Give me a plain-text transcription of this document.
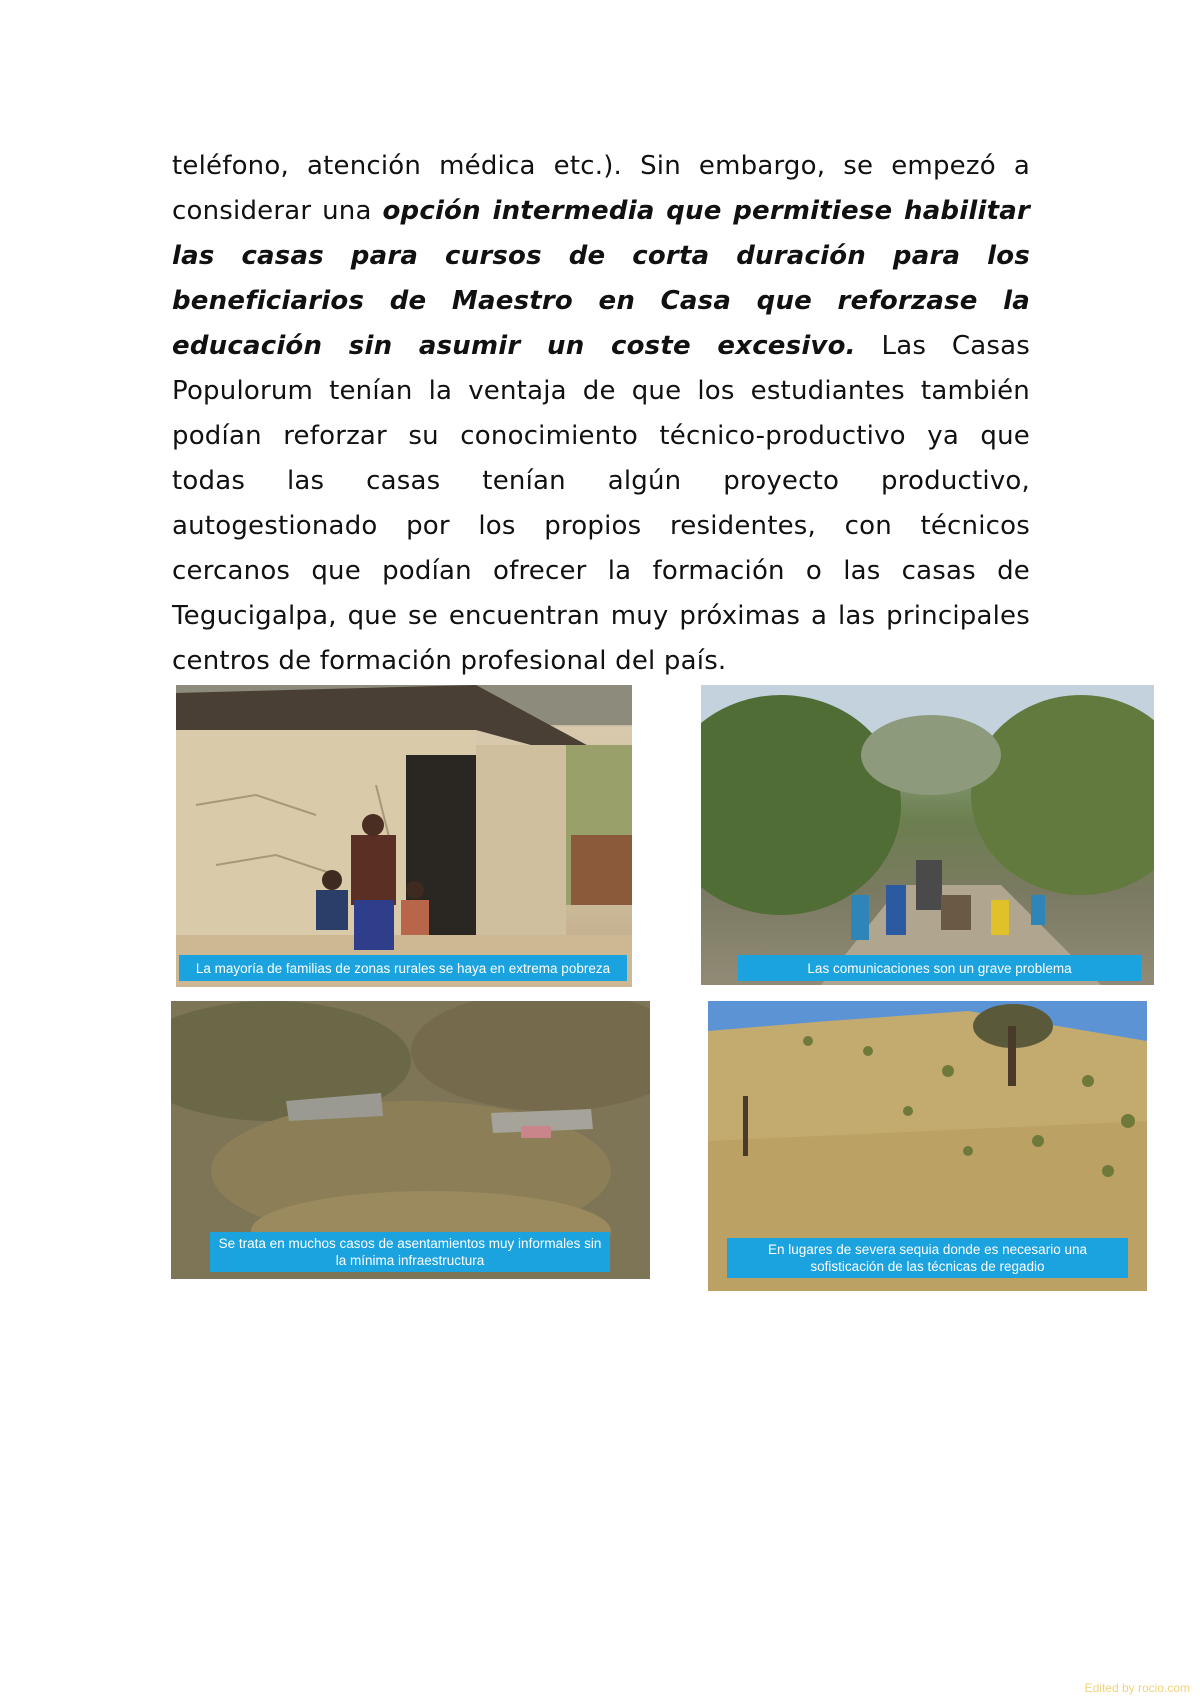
teléfono, atención médica etc.). Sin embargo, se empezó a considerar una opción intermedia que permitiese habilitar las casas para cursos de corta duración para los beneficiarios de Maestro en Casa que reforzase la educación sin asumir un coste excesivo. Las Casas Populorum tenían la ventaja de que los estudiantes también podían reforzar su conocimiento técnico-productivo ya que todas las casas tenían algún proyecto productivo, autogestionado por los propios residentes, con técnicos cercanos que podían ofrecer la formación o las casas de Tegucigalpa, que se encuentran muy próximas a las principales centros de formación profesional del país.
La mayoría de familias de zonas rurales se haya en extrema pobreza	Las comunicaciones son un grave problema
Se trata en muchos casos de asentamientos muy informales sin la mínima infraestructura
En lugares de severa sequia donde es necesario una sofisticación de las técnicas de regadio
Edited by rocio.com
